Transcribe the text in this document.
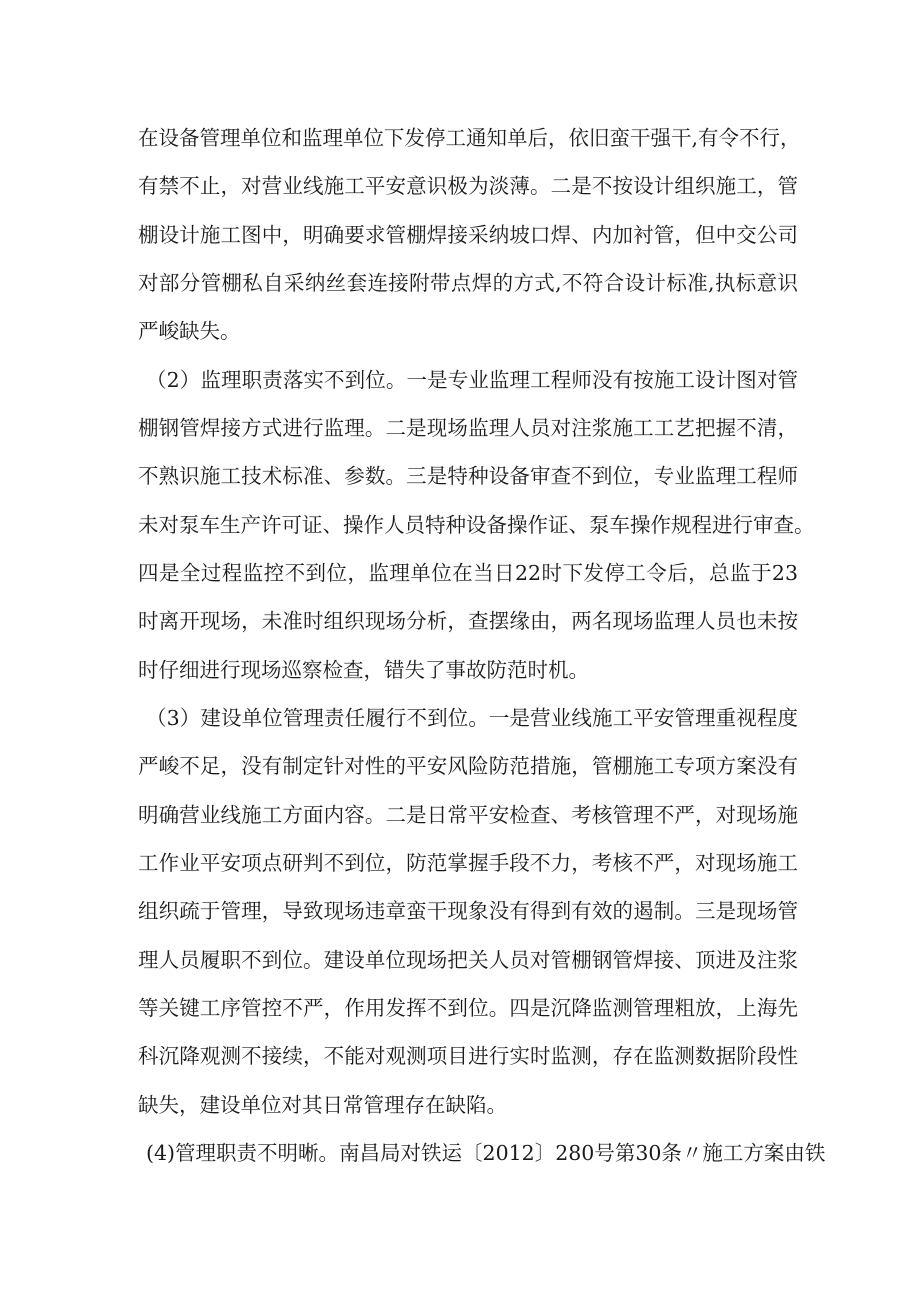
在设备管理单位和监理单位下发停工通知单后，依旧蛮干强干,有令不行，
有禁不止，对营业线施工平安意识极为淡薄。二是不按设计组织施工，管
棚设计施工图中，明确要求管棚焊接采纳坡口焊、内加衬管，但中交公司
对部分管棚私自采纳丝套连接附带点焊的方式,不符合设计标准,执标意识
严峻缺失。
（2）监理职责落实不到位。一是专业监理工程师没有按施工设计图对管
棚钢管焊接方式进行监理。二是现场监理人员对注浆施工工艺把握不清，
不熟识施工技术标准、参数。三是特种设备审查不到位，专业监理工程师
未对泵车生产许可证、操作人员特种设备操作证、泵车操作规程进行审查。
四是全过程监控不到位，监理单位在当日22时下发停工令后，总监于23
时离开现场，未准时组织现场分析，查摆缘由，两名现场监理人员也未按
时仔细进行现场巡察检查，错失了事故防范时机。
（3）建设单位管理责任履行不到位。一是营业线施工平安管理重视程度
严峻不足，没有制定针对性的平安风险防范措施，管棚施工专项方案没有
明确营业线施工方面内容。二是日常平安检查、考核管理不严，对现场施
工作业平安项点研判不到位，防范掌握手段不力，考核不严，对现场施工
组织疏于管理，导致现场违章蛮干现象没有得到有效的遏制。三是现场管
理人员履职不到位。建设单位现场把关人员对管棚钢管焊接、顶进及注浆
等关键工序管控不严，作用发挥不到位。四是沉降监测管理粗放，上海先
科沉降观测不接续，不能对观测项目进行实时监测，存在监测数据阶段性
缺失，建设单位对其日常管理存在缺陷。
(4)管理职责不明晰。南昌局对铁运〔2012〕280号第30条〃施工方案由铁
